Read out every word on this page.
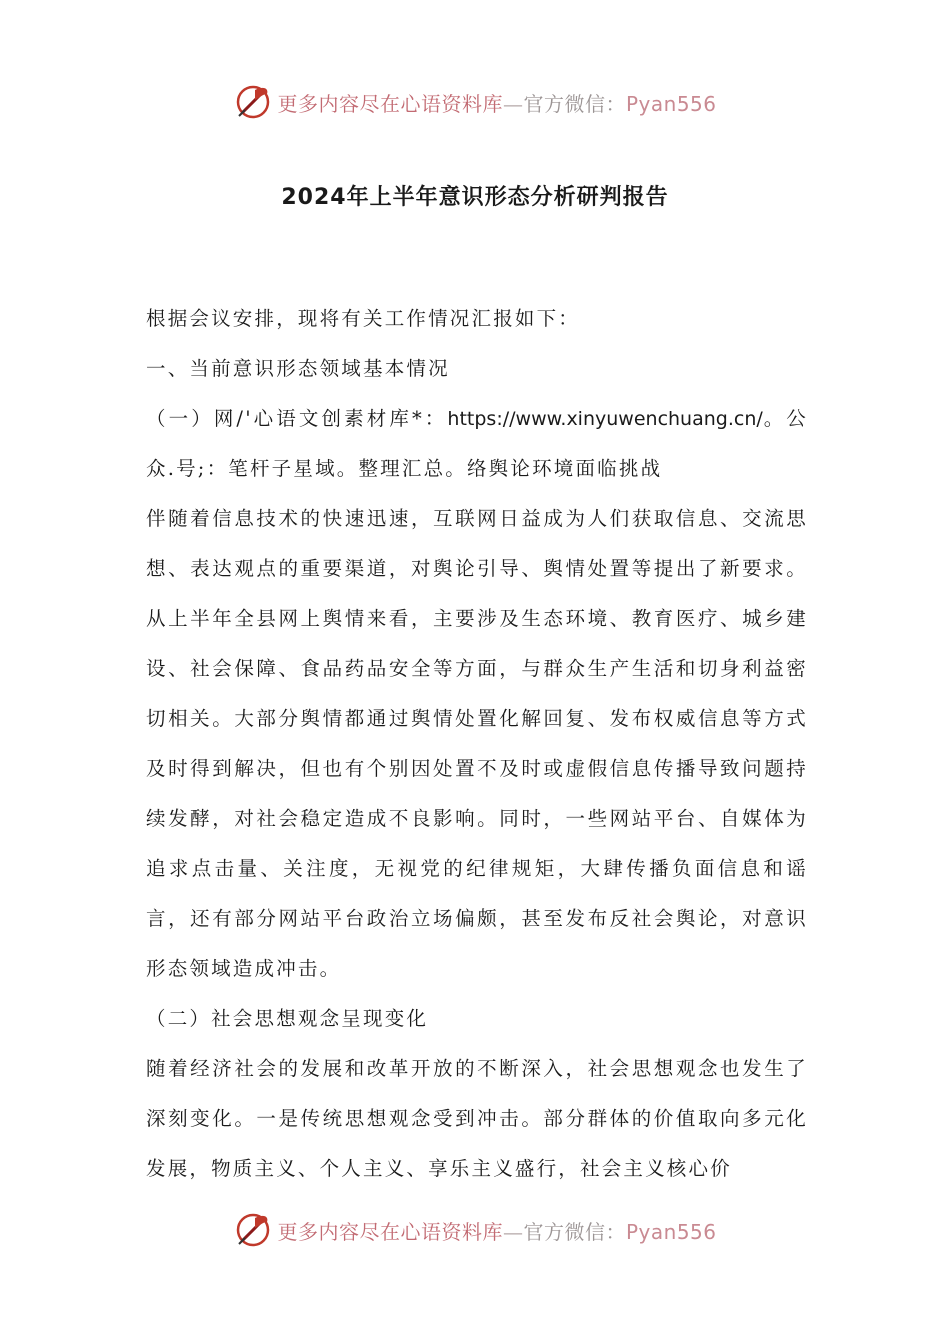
更多内容尽在心语资料库—官方微信：Pyan556
2024年上半年意识形态分析研判报告

根据会议安排，现将有关工作情况汇报如下：

一、当前意识形态领域基本情况

（一）网/'心语文创素材库*：https://www.xinyuwenchuang.cn/。公众.号;：笔杆子星域。整理汇总。络舆论环境面临挑战

伴随着信息技术的快速迅速，互联网日益成为人们获取信息、交流思想、表达观点的重要渠道，对舆论引导、舆情处置等提出了新要求。从上半年全县网上舆情来看，主要涉及生态环境、教育医疗、城乡建设、社会保障、食品药品安全等方面，与群众生产生活和切身利益密切相关。大部分舆情都通过舆情处置化解回复、发布权威信息等方式及时得到解决，但也有个别因处置不及时或虚假信息传播导致问题持续发酵，对社会稳定造成不良影响。同时，一些网站平台、自媒体为追求点击量、关注度，无视党的纪律规矩，大肆传播负面信息和谣言，还有部分网站平台政治立场偏颇，甚至发布反社会舆论，对意识形态领域造成冲击。

（二）社会思想观念呈现变化

随着经济社会的发展和改革开放的不断深入，社会思想观念也发生了深刻变化。一是传统思想观念受到冲击。部分群体的价值取向多元化发展，物质主义、个人主义、享乐主义盛行，社会主义核心价

更多内容尽在心语资料库—官方微信：Pyan556
